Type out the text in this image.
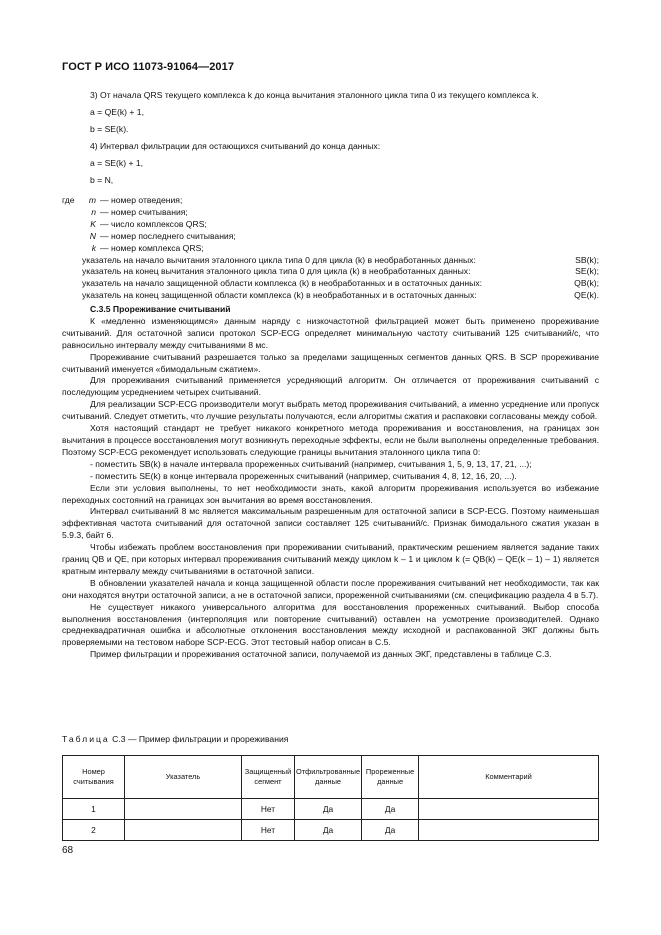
ГОСТ Р ИСО 11073-91064—2017

3) От начала QRS текущего комплекса k до конца вычитания эталонного цикла типа 0 из текущего комплекса k.

a = QE(k) + 1,

b = SE(k).

4) Интервал фильтрации для остающихся считываний до конца данных:

a = SE(k) + 1,

b = N,

где	m — номер отведения;
n — номер считывания;
K — число комплексов QRS;
N — номер последнего считывания;
k — номер комплекса QRS;
указатель на начало вычитания эталонного цикла типа 0 для цикла (k) в необработанных данных:	SB(k);
указатель на конец вычитания эталонного цикла типа 0 для цикла (k) в необработанных данных:	SE(k);
указатель на начало защищенной области комплекса (k) в необработанных и в остаточных данных:	QB(k);
указатель на конец защищенной области комплекса (k) в необработанных и в остаточных данных:	QE(k).

С.3.5 Прореживание считываний

К «медленно изменяющимся» данным наряду с низкочастотной фильтрацией может быть применено прореживание считываний. Для остаточной записи протокол SCP-ECG определяет минимальную частоту считываний 125 считываний/с, что равносильно интервалу между считываниями 8 мс.

Прореживание считываний разрешается только за пределами защищенных сегментов данных QRS. В SCP прореживание считываний именуется «бимодальным сжатием».

Для прореживания считываний применяется усредняющий алгоритм. Он отличается от прореживания считываний с последующим усреднением четырех считываний.

Для реализации SCP-ECG производители могут выбрать метод прореживания считываний, а именно усреднение или пропуск считываний. Следует отметить, что лучшие результаты получаются, если алгоритмы сжатия и распаковки согласованы между собой.

Хотя настоящий стандарт не требует никакого конкретного метода прореживания и восстановления, на границах зон вычитания в процессе восстановления могут возникнуть переходные эффекты, если не были выполнены определенные требования. Поэтому SCP-ECG рекомендует использовать следующие границы вычитания эталонного цикла типа 0:

- поместить SB(k) в начале интервала прореженных считываний (например, считывания 1, 5, 9, 13, 17, 21, ...);

- поместить SE(k) в конце интервала прореженных считываний (например, считывания 4, 8, 12, 16, 20, ...).

Если эти условия выполнены, то нет необходимости знать, какой алгоритм прореживания используется во избежание переходных состояний на границах зон вычитания во время восстановления.

Интервал считываний 8 мс является максимальным разрешенным для остаточной записи в SCP-ECG. Поэтому наименьшая эффективная частота считываний для остаточной записи составляет 125 считываний/с. Признак бимодального сжатия указан в 5.9.3, байт 6.

Чтобы избежать проблем восстановления при прореживании считываний, практическим решением является задание таких границ QB и QE, при которых интервал прореживания считываний между циклом k – 1 и циклом k (= QB(k) – QE(k – 1) – 1) является кратным интервалу между считываниями в остаточной записи.

В обновлении указателей начала и конца защищенной области после прореживания считываний нет необходимости, так как они находятся внутри остаточной записи, а не в остаточной записи, прореженной считываниями (см. спецификацию раздела 4 в 5.7).

Не существует никакого универсального алгоритма для восстановления прореженных считываний. Выбор способа выполнения восстановления (интерполяция или повторение считываний) оставлен на усмотрение производителей. Однако среднеквадратичная ошибка и абсолютные отклонения восстановления между исходной и распакованной ЭКГ должны быть проверяемыми на тестовом наборе SCP-ECG. Этот тестовый набор описан в С.5.

Пример фильтрации и прореживания остаточной записи, получаемой из данных ЭКГ, представлены в таблице С.3.

Таблица С.3 — Пример фильтрации и прореживания
Номер считывания	Указатель	Защищенный сегмент	Отфильтрованные данные	Прореженные данные	Комментарий
1		Нет	Да	Да	
2		Нет	Да	Да	
68
